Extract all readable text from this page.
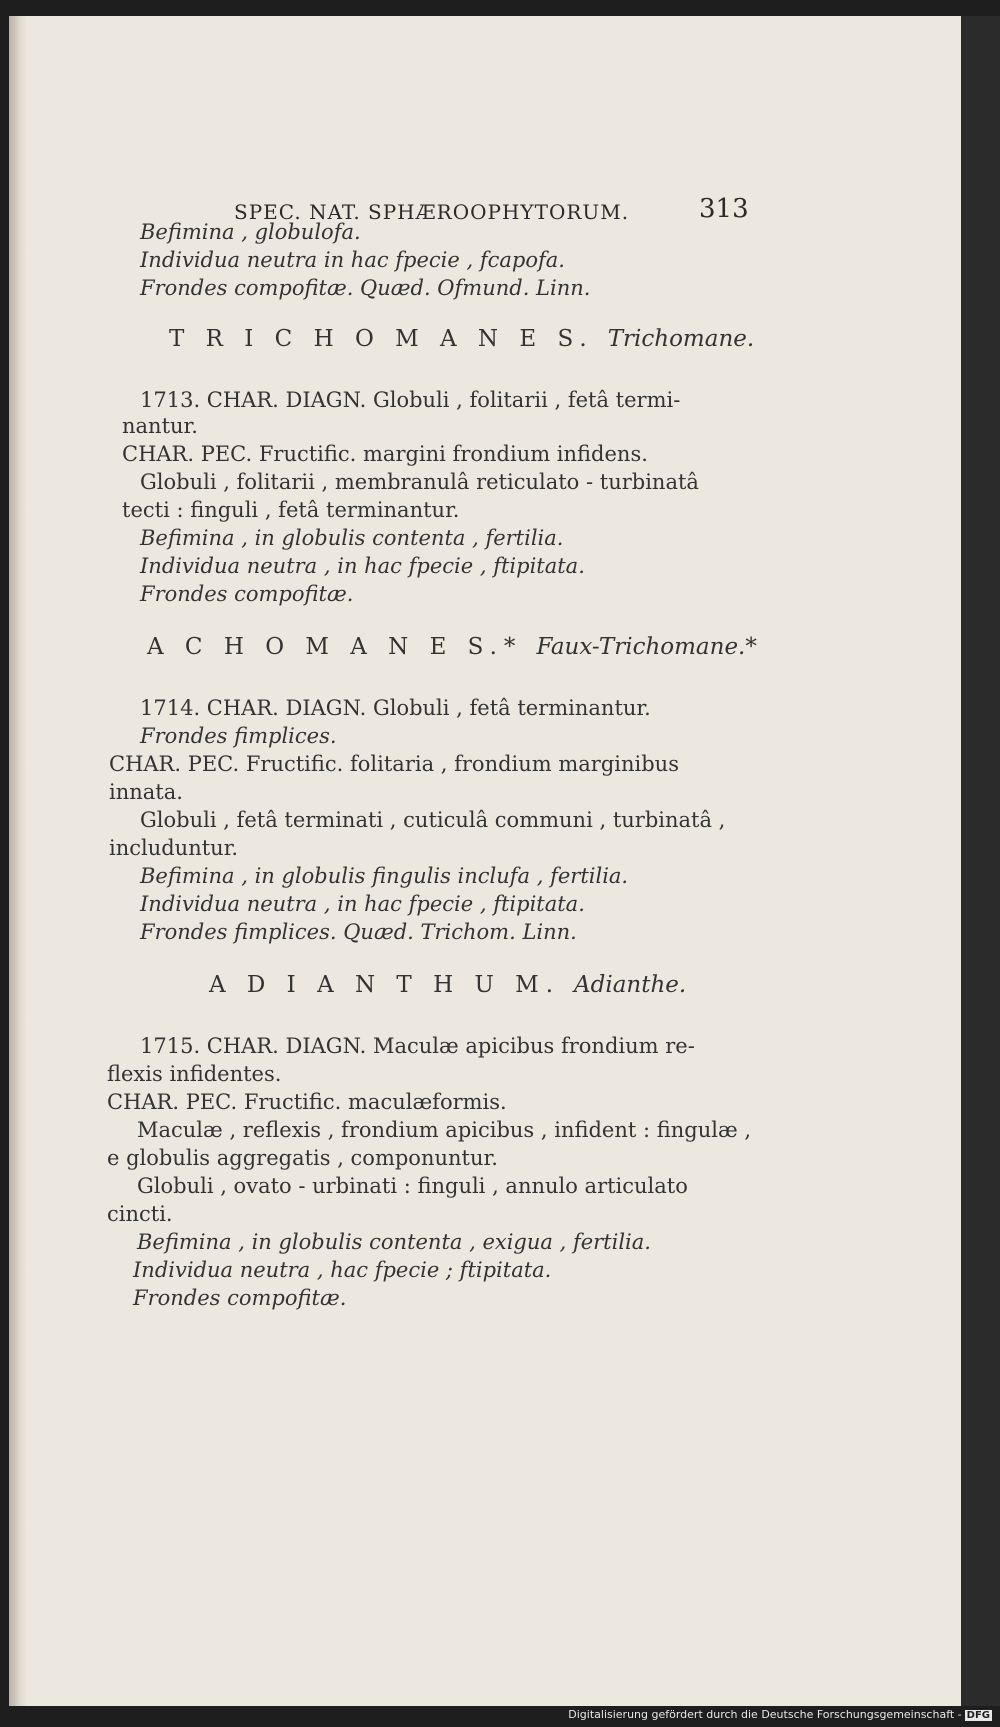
SPEC. NAT. SPHÆROOPHYTORUM.	313
Befimina , globulofa.
Individua neutra in hac fpecie , fcapofa.
Frondes compofitæ. Quæd. Ofmund. Linn.
T R I C H O M A N E S. Trichomane.
1713. CHAR. DIAGN. Globuli , folitarii , fetâ termi-
nantur.
CHAR. PEC. Fructific. margini frondium infidens.
Globuli , folitarii , membranulâ reticulato - turbinatâ
tecti : finguli , fetâ terminantur.
Befimina , in globulis contenta , fertilia.
Individua neutra , in hac fpecie , ftipitata.
Frondes compofitæ.
A C H O M A N E S.* Faux-Trichomane.*
1714. CHAR. DIAGN. Globuli , fetâ terminantur.
Frondes fimplices.
CHAR. PEC. Fructific. folitaria , frondium marginibus
innata.
Globuli , fetâ terminati , cuticulâ communi , turbinatâ ,
includuntur.
Befimina , in globulis fingulis inclufa , fertilia.
Individua neutra , in hac fpecie , ftipitata.
Frondes fimplices. Quæd. Trichom. Linn.
A D I A N T H U M. Adianthe.
1715. CHAR. DIAGN. Maculæ apicibus frondium re-
flexis infidentes.
CHAR. PEC. Fructific. maculæformis.
Maculæ , reflexis , frondium apicibus , infident : fingulæ ,
e globulis aggregatis , componuntur.
Globuli , ovato - urbinati : finguli , annulo articulato
cincti.
Befimina , in globulis contenta , exigua , fertilia.
Individua neutra , hac fpecie ; ftipitata.
Frondes compofitæ.
Digitalisierung gefördert durch die Deutsche Forschungsgemeinschaft - DFG
